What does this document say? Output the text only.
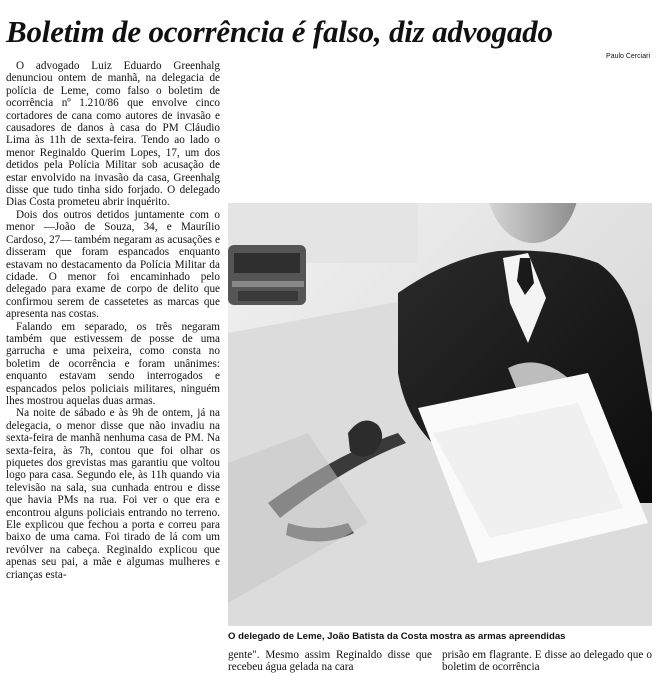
Boletim de ocorrência é falso, diz advogado
Paulo Cerciari

O advogado Luiz Eduardo Greenhalg denunciou ontem de manhã, na delegacia de polícia de Leme, como falso o boletim de ocorrência nº 1.210/86 que envolve cinco cortadores de cana como autores de invasão e causadores de danos à casa do PM Cláudio Lima às 11h de sexta-feira. Tendo ao lado o menor Reginaldo Querim Lopes, 17, um dos detidos pela Polícia Militar sob acusação de estar envolvido na invasão da casa, Greenhalg disse que tudo tinha sido forjado. O delegado Dias Costa prometeu abrir inquérito.

Dois dos outros detidos juntamente com o menor —João de Souza, 34, e Maurílio Cardoso, 27— também negaram as acusações e disseram que foram espancados enquanto estavam no destacamento da Polícia Militar da cidade. O menor foi encaminhado pelo delegado para exame de corpo de delito que confirmou serem de cassetetes as marcas que apresenta nas costas.

Falando em separado, os três negaram também que estivessem de posse de uma garrucha e uma peixeira, como consta no boletim de ocorrência e foram unânimes: enquanto estavam sendo interrogados e espancados pelos policiais militares, ninguém lhes mostrou aquelas duas armas.

Na noite de sábado e às 9h de ontem, já na delegacia, o menor disse que não invadiu na sexta-feira de manhã nenhuma casa de PM. Na sexta-feira, às 7h, contou que foi olhar os piquetes dos grevistas mas garantiu que voltou logo para casa. Segundo ele, às 11h quando via televisão na sala, sua cunhada entrou e disse que havia PMs na rua. Foi ver o que era e encontrou alguns policiais entrando no terreno. Ele explicou que fechou a porta e correu para baixo de uma cama. Foi tirado de lá com um revólver na cabeça. Reginaldo explicou que apenas seu pai, a mãe e algumas mulheres e crianças esta-

O delegado de Leme, João Batista da Costa mostra as armas apreendidas

gente". Mesmo assim Reginaldo disse que recebeu água gelada na cara

prisão em flagrante. E disse ao delegado que o boletim de ocorrência
